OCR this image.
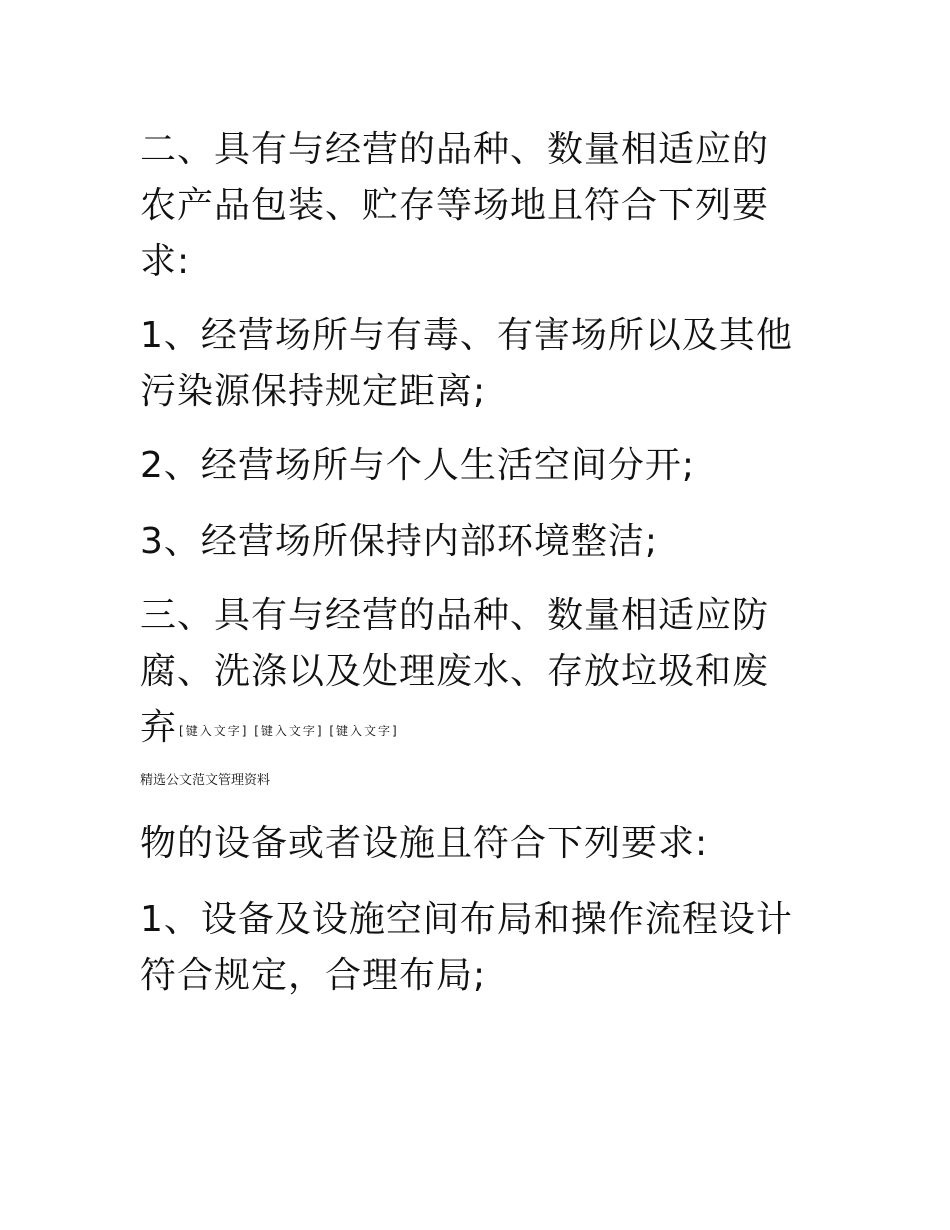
二、具有与经营的品种、数量相适应的
农产品包装、贮存等场地且符合下列要
求:

1、经营场所与有毒、有害场所以及其他
污染源保持规定距离;

2、经营场所与个人生活空间分开;

3、经营场所保持内部环境整洁;

三、具有与经营的品种、数量相适应防
腐、洗涤以及处理废水、存放垃圾和废
弃 [键入文字] [键入文字] [键入文字]

精选公文范文管理资料

物的设备或者设施且符合下列要求:

1、设备及设施空间布局和操作流程设计
符合规定，合理布局;
